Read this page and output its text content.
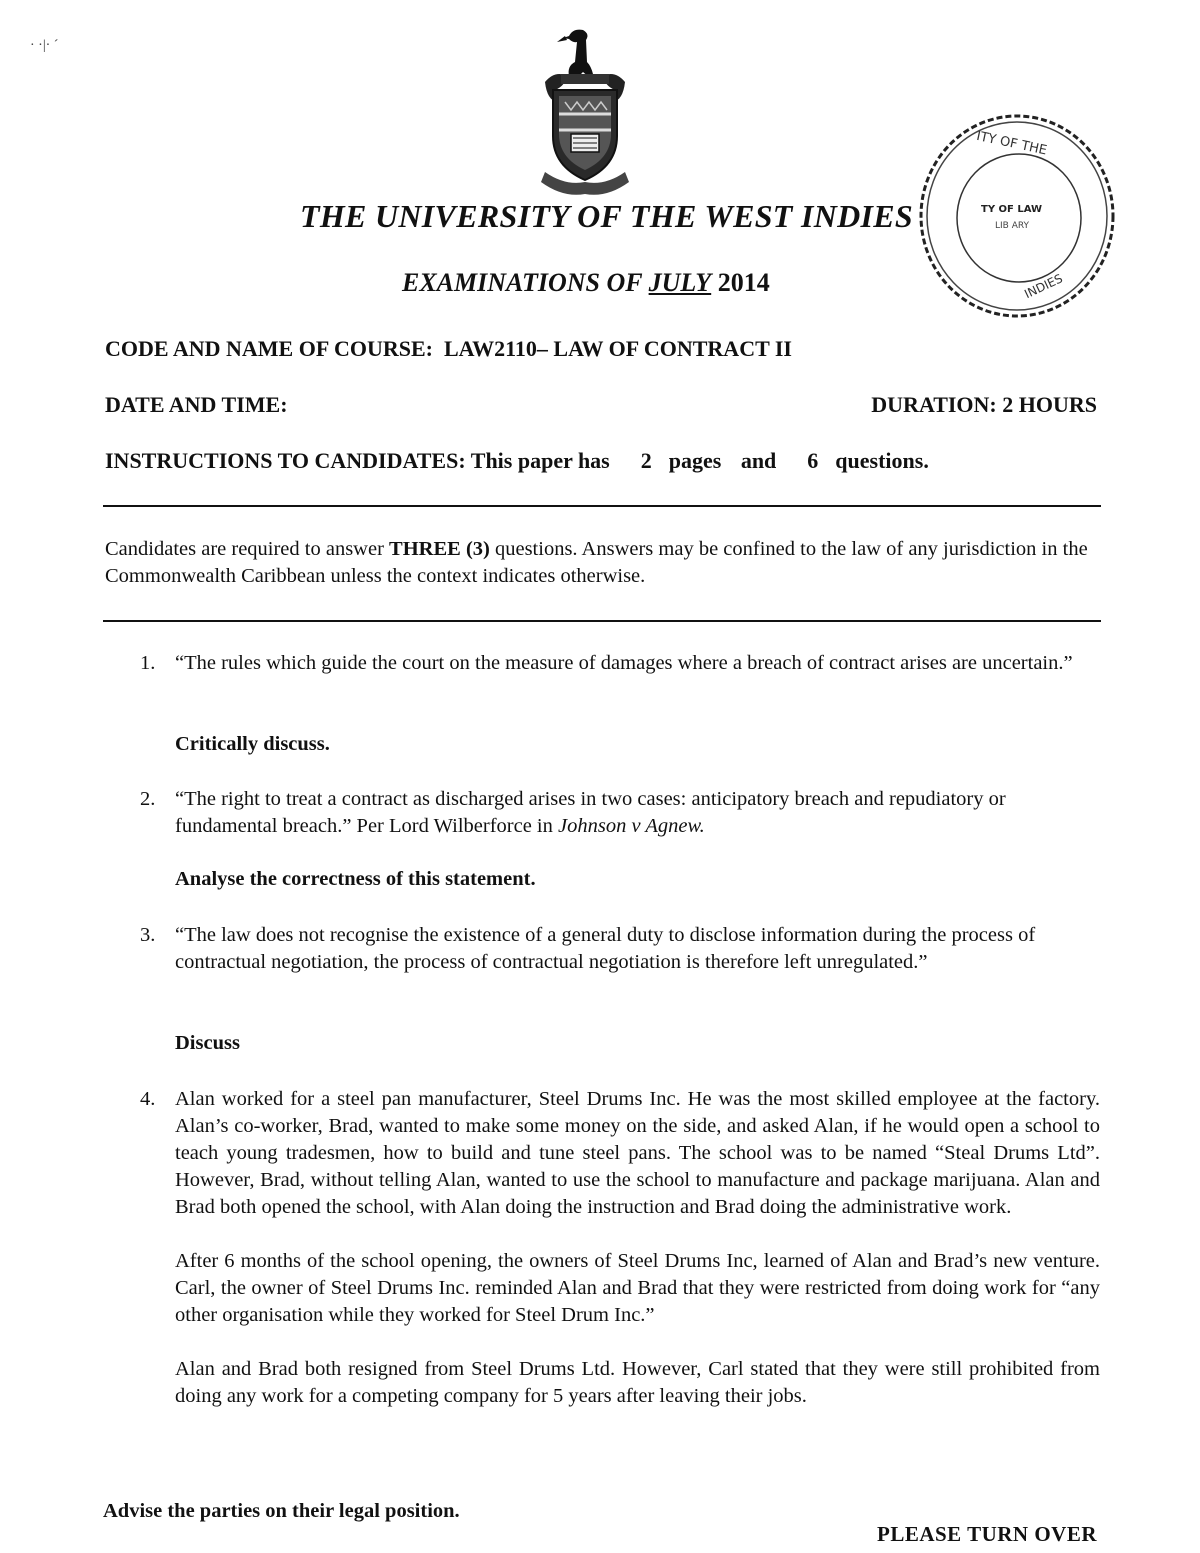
· ·|· ˊ
ITY OF THE
TY OF LAW
LIB ARY
INDIES
THE UNIVERSITY OF THE WEST INDIES
EXAMINATIONS OF JULY 2014
CODE AND NAME OF COURSE: LAW2110– LAW OF CONTRACT II
DATE AND TIME:	DURATION: 2 HOURS
INSTRUCTIONS TO CANDIDATES: This paper has 2 pages and 6 questions.
Candidates are required to answer THREE (3) questions. Answers may be confined to the law of any jurisdiction in the Commonwealth Caribbean unless the context indicates otherwise.
1. “The rules which guide the court on the measure of damages where a breach of contract arises are uncertain.”
Critically discuss.
2. “The right to treat a contract as discharged arises in two cases: anticipatory breach and repudiatory or fundamental breach.” Per Lord Wilberforce in Johnson v Agnew.
Analyse the correctness of this statement.
3. “The law does not recognise the existence of a general duty to disclose information during the process of contractual negotiation, the process of contractual negotiation is therefore left unregulated.”
Discuss
4. Alan worked for a steel pan manufacturer, Steel Drums Inc. He was the most skilled employee at the factory. Alan’s co-worker, Brad, wanted to make some money on the side, and asked Alan, if he would open a school to teach young tradesmen, how to build and tune steel pans. The school was to be named “Steal Drums Ltd”. However, Brad, without telling Alan, wanted to use the school to manufacture and package marijuana. Alan and Brad both opened the school, with Alan doing the instruction and Brad doing the administrative work.

After 6 months of the school opening, the owners of Steel Drums Inc, learned of Alan and Brad’s new venture. Carl, the owner of Steel Drums Inc. reminded Alan and Brad that they were restricted from doing work for “any other organisation while they worked for Steel Drum Inc.”

Alan and Brad both resigned from Steel Drums Ltd. However, Carl stated that they were still prohibited from doing any work for a competing company for 5 years after leaving their jobs.

Advise the parties on their legal position.
PLEASE TURN OVER
